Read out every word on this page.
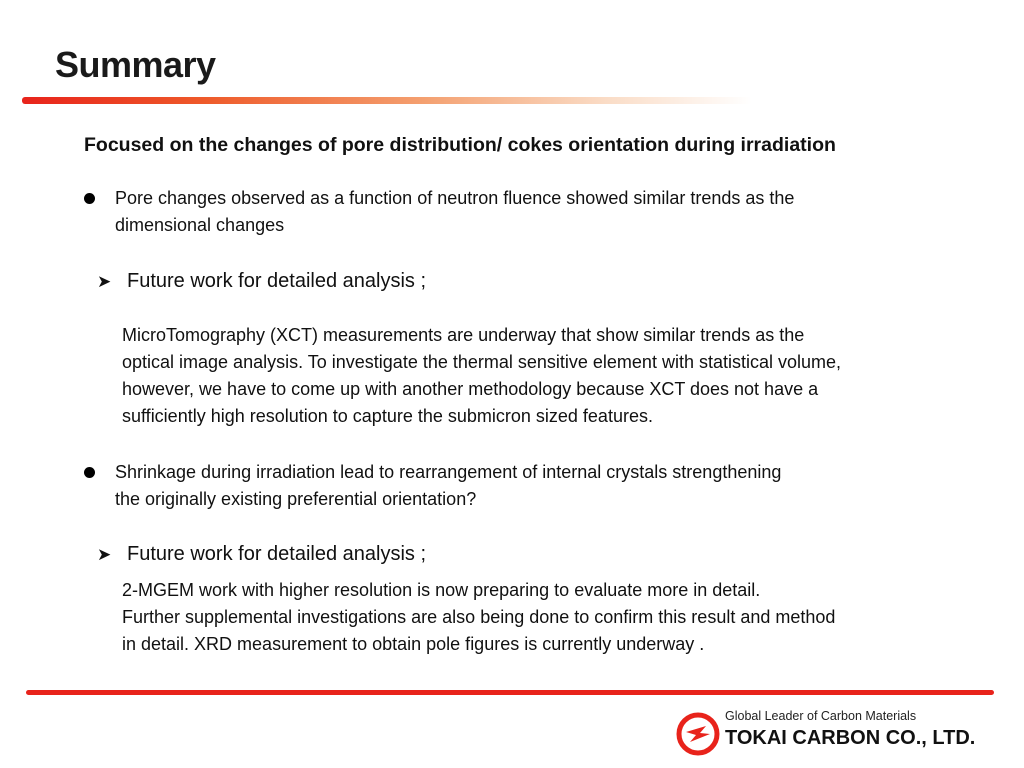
Summary
Focused on the changes of pore distribution/ cokes orientation during irradiation
Pore changes observed as a function of neutron fluence showed similar trends as the
dimensional changes
➤ Future work for detailed analysis ;
MicroTomography (XCT) measurements are underway that show similar trends as the
optical image analysis. To investigate the thermal sensitive element with statistical volume,
however, we have to come up with another methodology because XCT does not have a
sufficiently high resolution to capture the submicron sized features.
Shrinkage during irradiation lead to rearrangement of internal crystals strengthening
the originally existing preferential orientation?
➤ Future work for detailed analysis ;
2-MGEM work with higher resolution is now preparing to evaluate more in detail.
Further supplemental investigations are also being done to confirm this result and method
in detail. XRD measurement to obtain pole figures is currently underway .
Global Leader of Carbon Materials
TOKAI CARBON CO., LTD.
